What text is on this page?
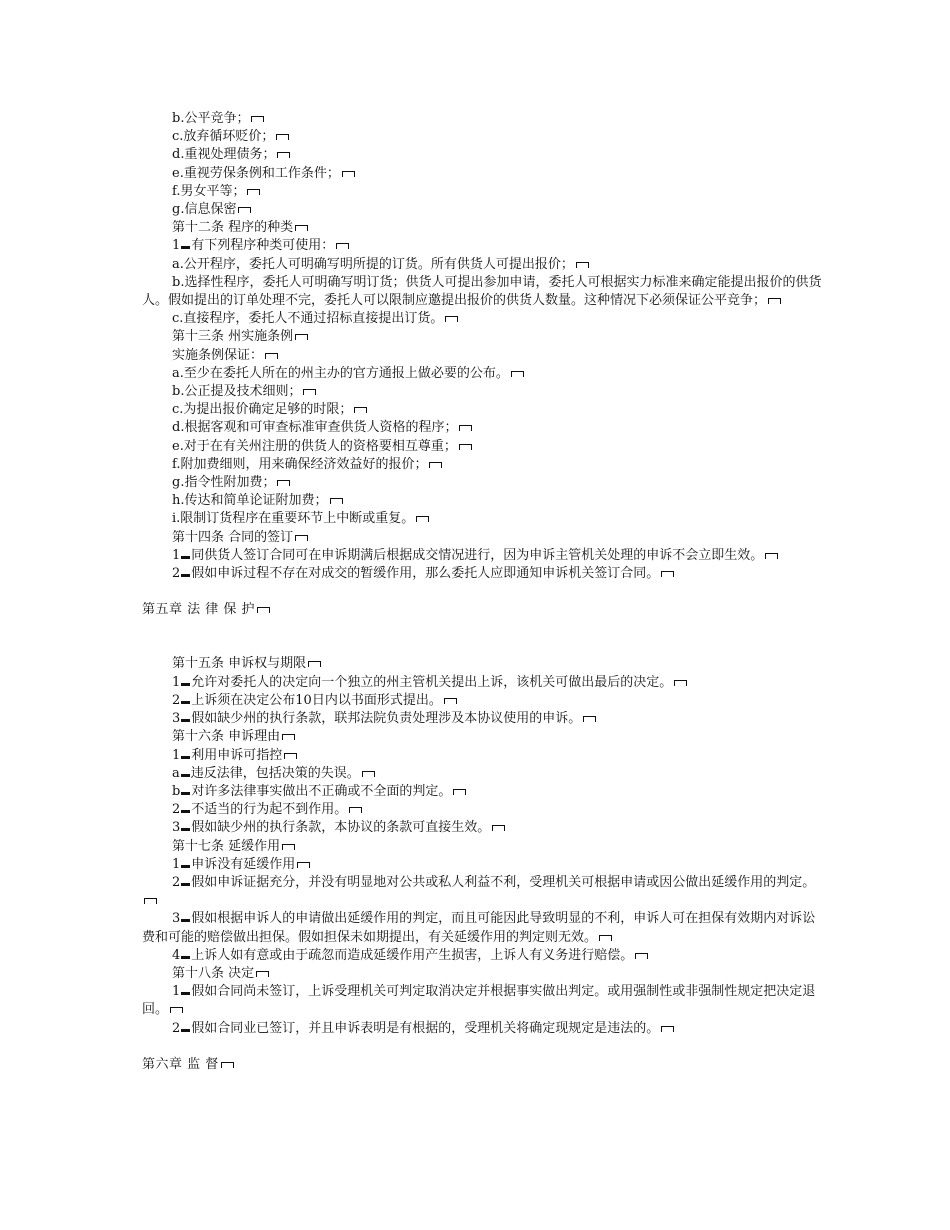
b.公平竞争；
c.放弃循环贬价；
d.重视处理债务；
e.重视劳保条例和工作条件；
f.男女平等；
g.信息保密
第十二条 程序的种类
1 有下列程序种类可使用：
a.公开程序，委托人可明确写明所提的订货。所有供货人可提出报价；
b.选择性程序，委托人可明确写明订货；供货人可提出参加申请，委托人可根据实力标准来确定能提出报价的供货人。假如提出的订单处理不完，委托人可以限制应邀提出报价的供货人数量。这种情况下必须保证公平竞争；
c.直接程序，委托人不通过招标直接提出订货。
第十三条 州实施条例
实施条例保证：
a.至少在委托人所在的州主办的官方通报上做必要的公布。
b.公正提及技术细则；
c.为提出报价确定足够的时限；
d.根据客观和可审查标准审查供货人资格的程序；
e.对于在有关州注册的供货人的资格要相互尊重；
f.附加费细则，用来确保经济效益好的报价；
g.指令性附加费；
h.传达和简单论证附加费；
i.限制订货程序在重要环节上中断或重复。
第十四条 合同的签订
1 同供货人签订合同可在申诉期满后根据成交情况进行，因为申诉主管机关处理的申诉不会立即生效。
2 假如申诉过程不存在对成交的暂缓作用，那么委托人应即通知申诉机关签订合同。
第五章 法 律 保 护
第十五条 申诉权与期限
1 允许对委托人的决定向一个独立的州主管机关提出上诉，该机关可做出最后的决定。
2 上诉须在决定公布10日内以书面形式提出。
3 假如缺少州的执行条款，联邦法院负责处理涉及本协议使用的申诉。
第十六条 申诉理由
1 利用申诉可指控
a 违反法律，包括决策的失误。
b 对许多法律事实做出不正确或不全面的判定。
2 不适当的行为起不到作用。
3 假如缺少州的执行条款，本协议的条款可直接生效。
第十七条 延缓作用
1 申诉没有延缓作用
2 假如申诉证据充分，并没有明显地对公共或私人利益不利，受理机关可根据申请或因公做出延缓作用的判定。
3 假如根据申诉人的申请做出延缓作用的判定，而且可能因此导致明显的不利，申诉人可在担保有效期内对诉讼费和可能的赔偿做出担保。假如担保未如期提出，有关延缓作用的判定则无效。
4 上诉人如有意或由于疏忽而造成延缓作用产生损害，上诉人有义务进行赔偿。
第十八条 决定
1 假如合同尚未签订，上诉受理机关可判定取消决定并根据事实做出判定。或用强制性或非强制性规定把决定退回。
2 假如合同业已签订，并且申诉表明是有根据的，受理机关将确定现规定是违法的。
第六章 监 督
